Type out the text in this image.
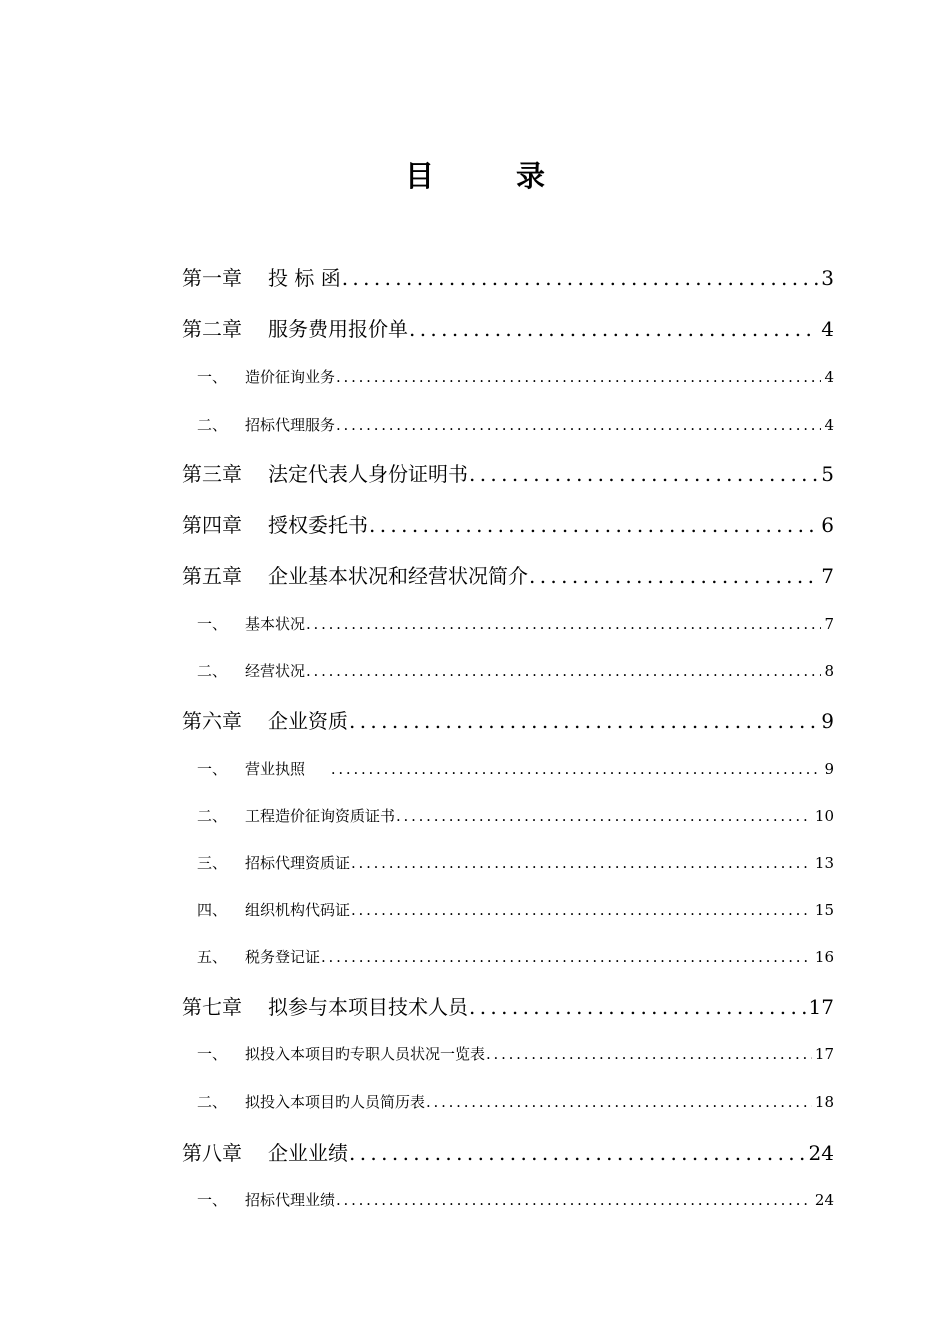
目 录
第一章	投 标 函 . . .	3
第二章	服务费用报价单 . . .	4
一、	造价征询业务 . . .	4
二、	招标代理服务 . . .	4
第三章	法定代表人身份证明书 . . .	5
第四章	授权委托书 . . .	6
第五章	企业基本状况和经营状况简介 . . .	7
一、	基本状况 . . .	7
二、	经营状况 . . .	8
第六章	企业资质 . . .	9
一、	营业执照 . . .	9
二、	工程造价征询资质证书 . . .	10
三、	招标代理资质证 . . .	13
四、	组织机构代码证 . . .	15
五、	税务登记证 . . .	16
第七章	拟参与本项目技术人员 . . .	17
一、	拟投入本项目旳专职人员状况一览表 . . .	17
二、	拟投入本项目旳人员简历表 . . .	18
第八章	企业业绩 . . .	24
一、	招标代理业绩 . . .	24
